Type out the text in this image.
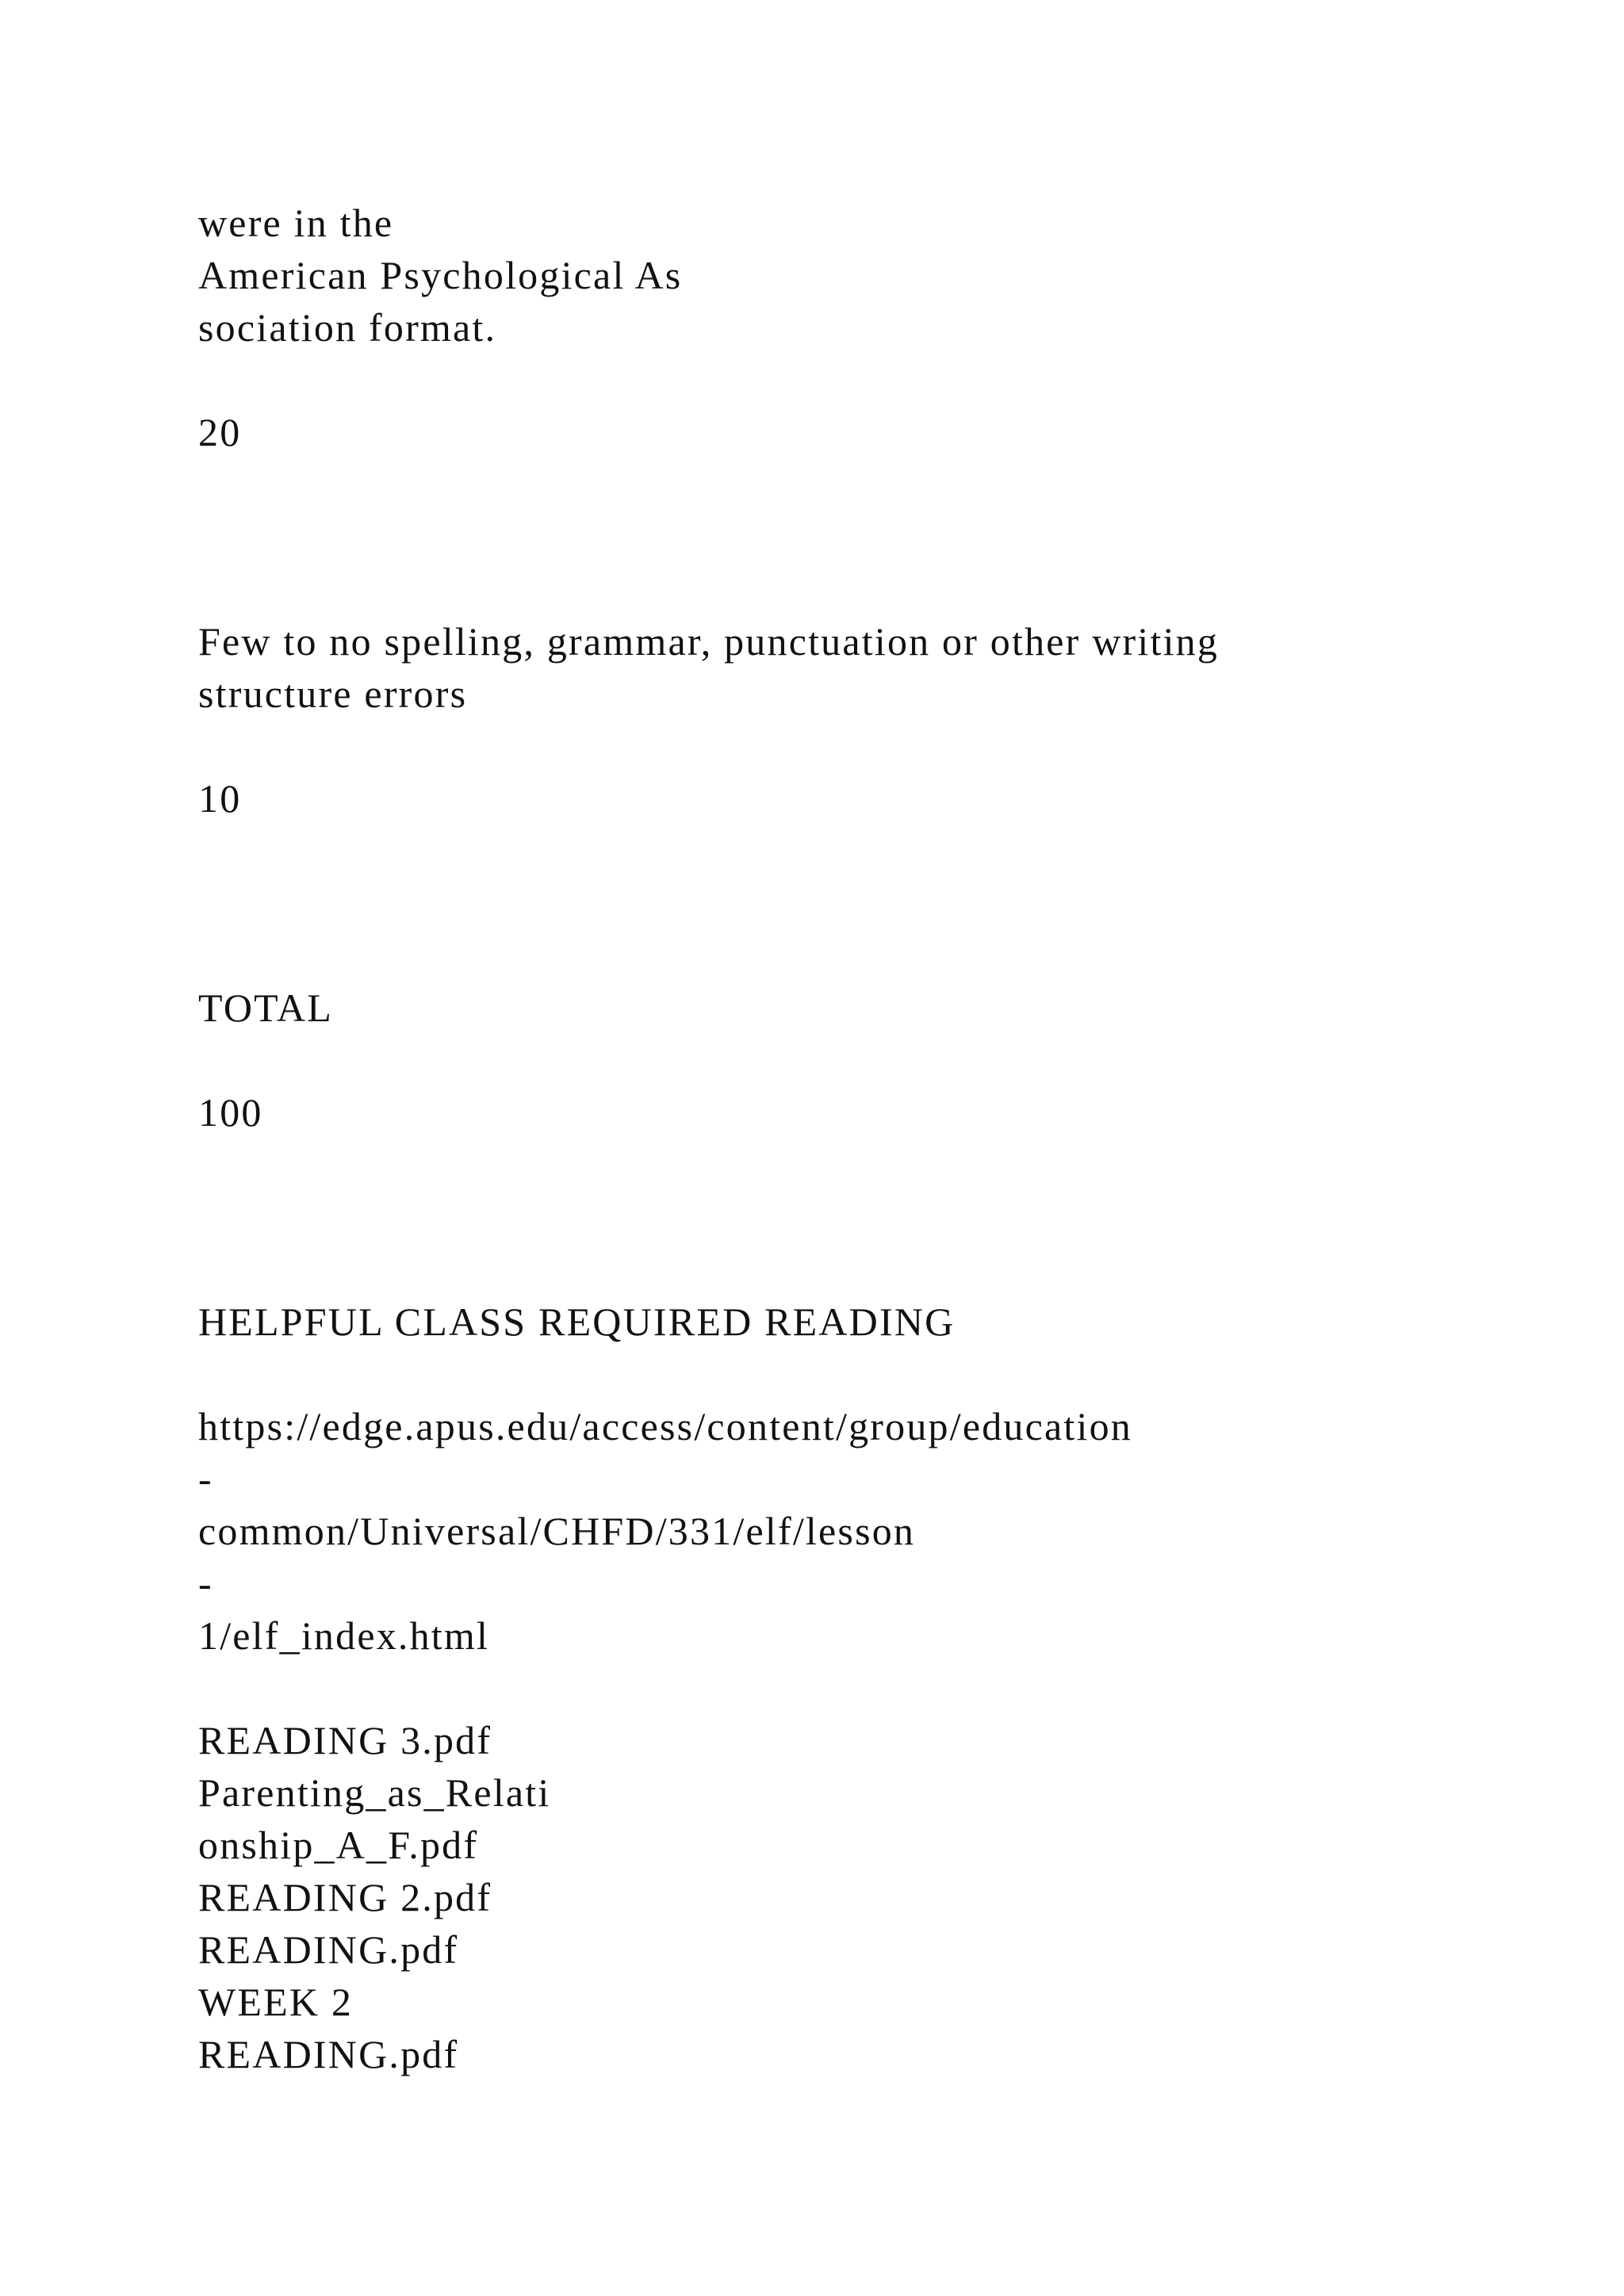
were in the
American Psychological As
sociation format.
20
Few to no spelling, grammar, punctuation or other writing
structure errors
10
TOTAL
100
HELPFUL CLASS REQUIRED READING
https://edge.apus.edu/access/content/group/education
-
common/Universal/CHFD/331/elf/lesson
-
1/elf_index.html
READING 3.pdf
Parenting_as_Relati
onship_A_F.pdf
READING 2.pdf
READING.pdf
WEEK 2
READING.pdf
